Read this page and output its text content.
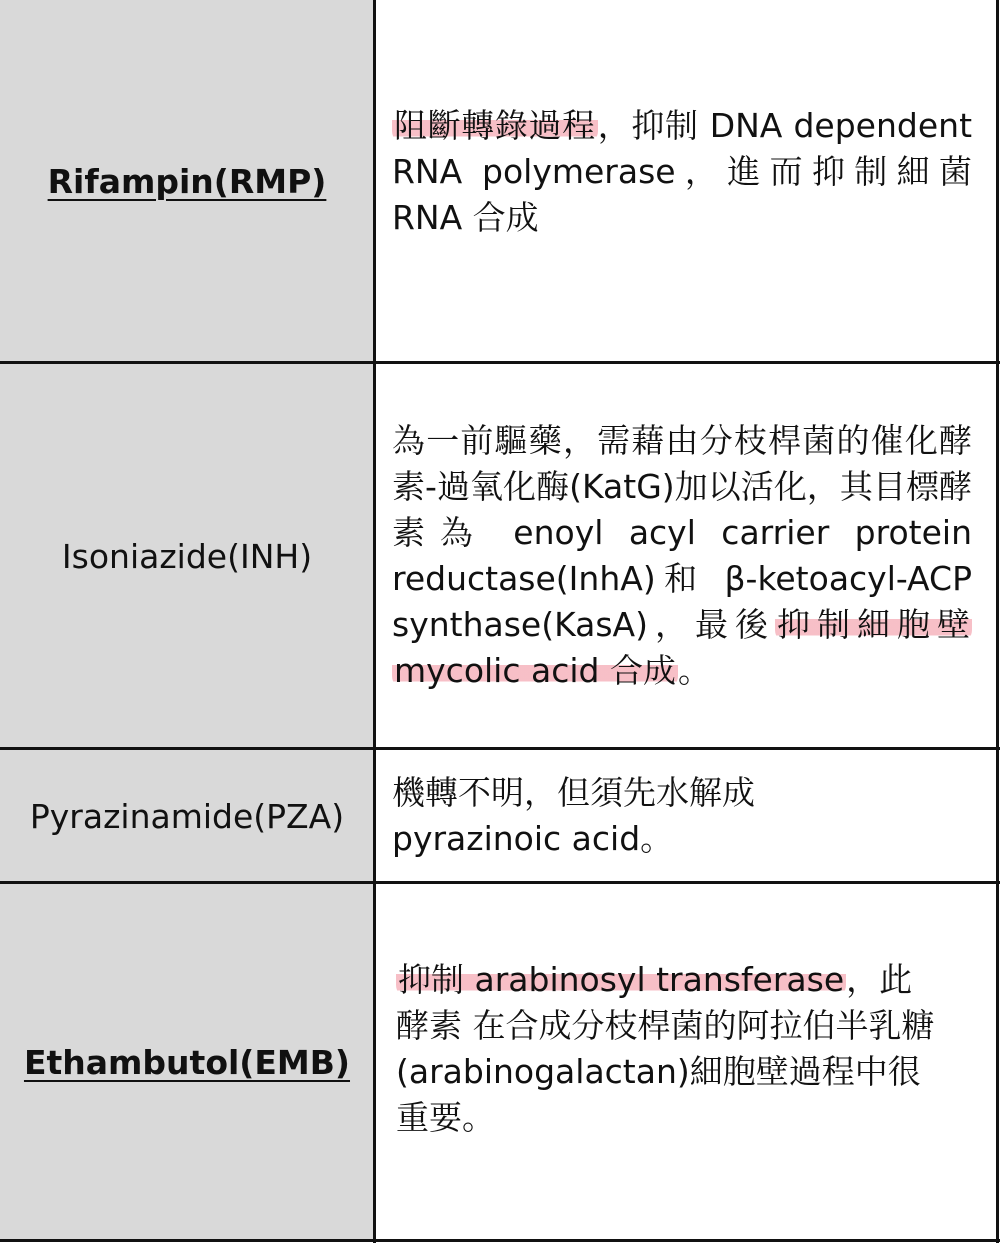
Rifampin(RMP)
阻斷轉錄過程，抑制 DNA dependent RNA polymerase，進而抑制細菌 RNA 合成
Isoniazide(INH)
為一前驅藥，需藉由分枝桿菌的催化酵素-過氧化酶(KatG)加以活化，其目標酵素為 enoyl acyl carrier protein reductase(InhA)和 β-ketoacyl-ACP synthase(KasA)，最後抑制細胞壁 mycolic acid 合成。
Pyrazinamide(PZA)
機轉不明，但須先水解成 pyrazinoic acid。
Ethambutol(EMB)
抑制 arabinosyl transferase，此酵素 在合成分枝桿菌的阿拉伯半乳糖 (arabinogalactan)細胞壁過程中很重要。
